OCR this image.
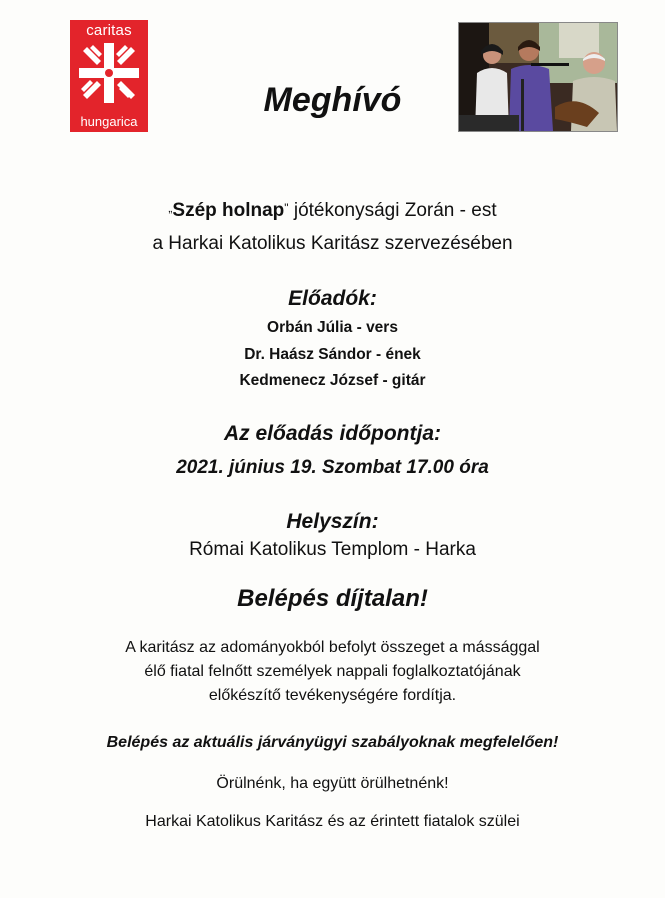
caritas
hungarica
Meghívó

„Szép holnap" jótékonysági Zorán - est

a Harkai Katolikus Karitász szervezésében

Előadók:

Orbán Júlia - vers

Dr. Haász Sándor - ének

Kedmenecz József - gitár

Az előadás időpontja:

2021. június 19. Szombat 17.00 óra

Helyszín:

Római Katolikus Templom - Harka

Belépés díjtalan!

A karitász az adományokból befolyt összeget a mássággal

élő fiatal felnőtt személyek nappali foglalkoztatójának

előkészítő tevékenységére fordítja.

Belépés az aktuális járványügyi szabályoknak megfelelően!

Örülnénk, ha együtt örülhetnénk!

Harkai Katolikus Karitász és az érintett fiatalok szülei
